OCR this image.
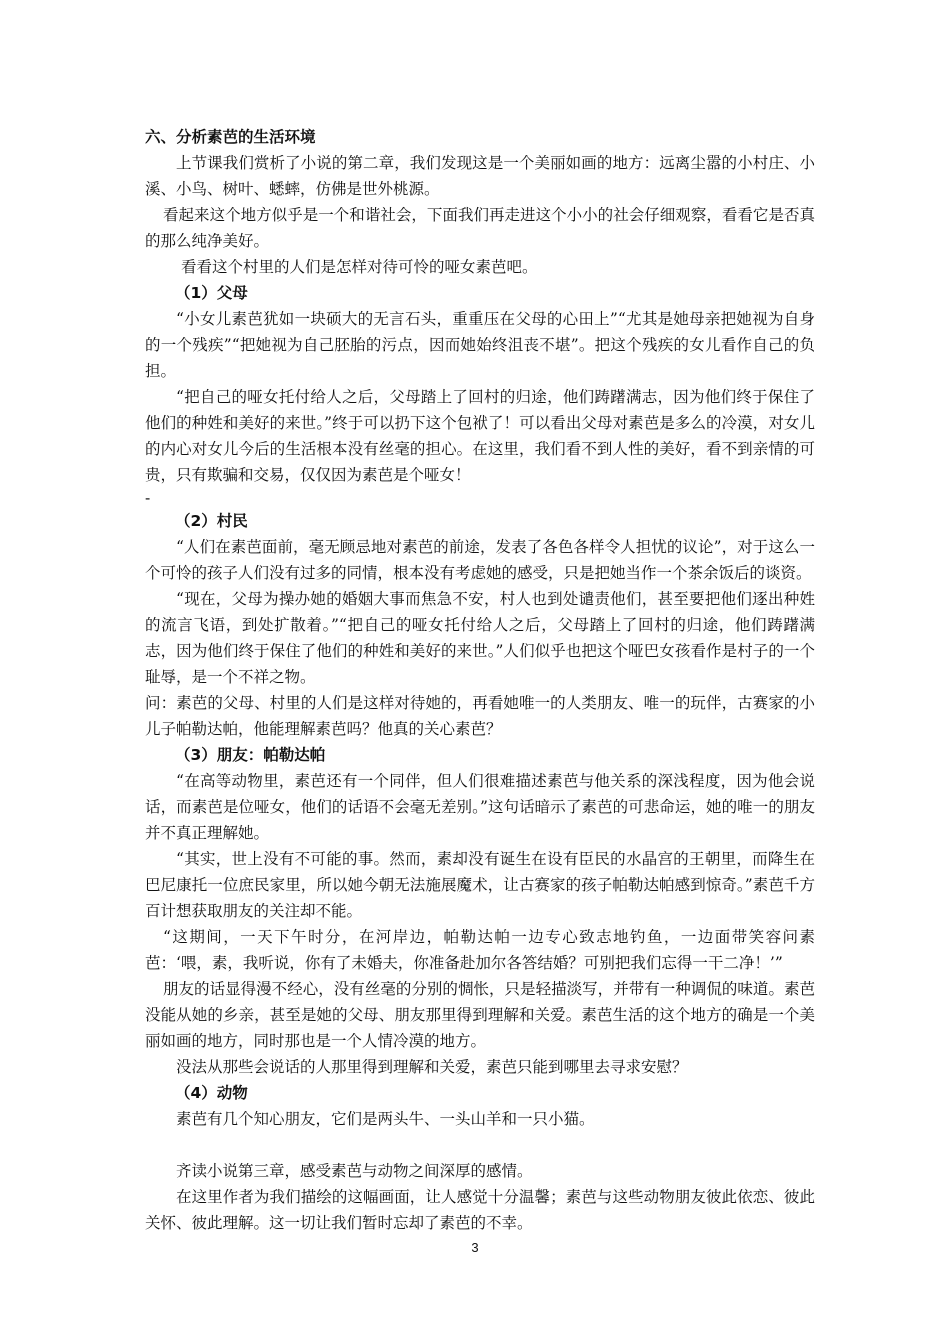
六、分析素芭的生活环境

上节课我们赏析了小说的第二章，我们发现这是一个美丽如画的地方：远离尘嚣的小村庄、小溪、小鸟、树叶、蟋蟀，仿佛是世外桃源。

看起来这个地方似乎是一个和谐社会，下面我们再走进这个小小的社会仔细观察，看看它是否真的那么纯净美好。

看看这个村里的人们是怎样对待可怜的哑女素芭吧。

（1）父母

“小女儿素芭犹如一块硕大的无言石头，重重压在父母的心田上”“尤其是她母亲把她视为自身的一个残疾”“把她视为自己胚胎的污点，因而她始终沮丧不堪”。把这个残疾的女儿看作自己的负担。

“把自己的哑女托付给人之后，父母踏上了回村的归途，他们踌躇满志，因为他们终于保住了他们的种姓和美好的来世。”终于可以扔下这个包袱了！可以看出父母对素芭是多么的冷漠，对女儿的内心对女儿今后的生活根本没有丝毫的担心。在这里，我们看不到人性的美好，看不到亲情的可贵，只有欺骗和交易，仅仅因为素芭是个哑女！

-

（2）村民

“人们在素芭面前，毫无顾忌地对素芭的前途，发表了各色各样令人担忧的议论”，对于这么一个可怜的孩子人们没有过多的同情，根本没有考虑她的感受，只是把她当作一个茶余饭后的谈资。

“现在，父母为操办她的婚姻大事而焦急不安，村人也到处谴责他们，甚至要把他们逐出种姓的流言飞语，到处扩散着。”“把自己的哑女托付给人之后，父母踏上了回村的归途，他们踌躇满志，因为他们终于保住了他们的种姓和美好的来世。”人们似乎也把这个哑巴女孩看作是村子的一个耻辱，是一个不祥之物。

问：素芭的父母、村里的人们是这样对待她的，再看她唯一的人类朋友、唯一的玩伴，古赛家的小儿子帕勒达帕，他能理解素芭吗？他真的关心素芭？

（3）朋友：帕勒达帕

“在高等动物里，素芭还有一个同伴，但人们很难描述素芭与他关系的深浅程度，因为他会说话，而素芭是位哑女，他们的话语不会毫无差别。”这句话暗示了素芭的可悲命运，她的唯一的朋友并不真正理解她。

“其实，世上没有不可能的事。然而，素却没有诞生在设有臣民的水晶宫的王朝里，而降生在巴尼康托一位庶民家里，所以她今朝无法施展魔术，让古赛家的孩子帕勒达帕感到惊奇。”素芭千方百计想获取朋友的关注却不能。

“这期间，一天下午时分，在河岸边，帕勒达帕一边专心致志地钓鱼，一边面带笑容问素芭：‘喂，素，我听说，你有了未婚夫，你准备赴加尔各答结婚？可别把我们忘得一干二净！’”

朋友的话显得漫不经心，没有丝毫的分别的惆怅，只是轻描淡写，并带有一种调侃的味道。素芭没能从她的乡亲，甚至是她的父母、朋友那里得到理解和关爱。素芭生活的这个地方的确是一个美丽如画的地方，同时那也是一个人情冷漠的地方。

没法从那些会说话的人那里得到理解和关爱，素芭只能到哪里去寻求安慰？

（4）动物

素芭有几个知心朋友，它们是两头牛、一头山羊和一只小猫。

齐读小说第三章，感受素芭与动物之间深厚的感情。

在这里作者为我们描绘的这幅画面，让人感觉十分温馨；素芭与这些动物朋友彼此依恋、彼此关怀、彼此理解。这一切让我们暂时忘却了素芭的不幸。

3
